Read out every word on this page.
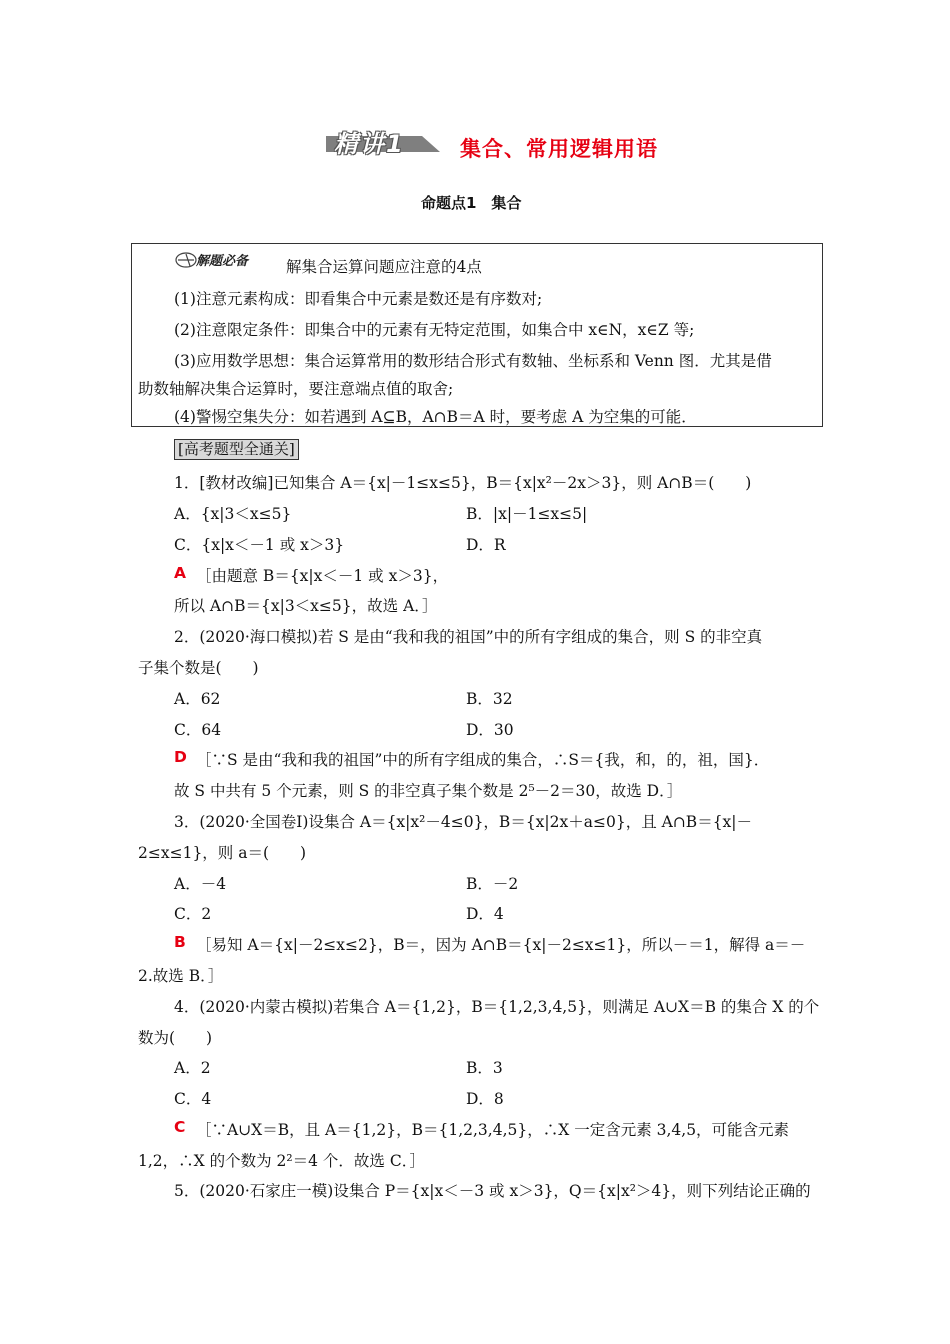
精讲1	集合、常用逻辑用语
命题点1　集合
解题必备 解集合运算问题应注意的4点
(1)注意元素构成：即看集合中元素是数还是有序数对;
(2)注意限定条件：即集合中的元素有无特定范围，如集合中 x∈N，x∈Z 等;
(3)应用数学思想：集合运算常用的数形结合形式有数轴、坐标系和 Venn 图．尤其是借
助数轴解决集合运算时，要注意端点值的取舍;
(4)警惕空集失分：如若遇到 A⊆B，A∩B＝A 时，要考虑 A 为空集的可能．
[高考题型全通关]
1．[教材改编]已知集合 A＝{x|－1≤x≤5}，B＝{x|x²－2x＞3}，则 A∩B＝(　　)
A．{x|3＜x≤5}	B．|x|－1≤x≤5|
C．{x|x＜－1 或 x＞3}	D．R
A ［由题意 B＝{x|x＜－1 或 x＞3}，
所以 A∩B＝{x|3＜x≤5}，故选 A．］
2．(2020·海口模拟)若 S 是由“我和我的祖国”中的所有字组成的集合，则 S 的非空真
子集个数是(　　)
A．62	B．32
C．64	D．30
D ［∵S 是由“我和我的祖国”中的所有字组成的集合，∴S＝{我，和，的，祖，国}．
故 S 中共有 5 个元素，则 S 的非空真子集个数是 2⁵－2＝30，故选 D．］
3．(2020·全国卷Ⅰ)设集合 A＝{x|x²－4≤0}，B＝{x|2x＋a≤0}，且 A∩B＝{x|－
2≤x≤1}，则 a＝(　　)
A．－4	B．－2
C．2	D．4
B ［易知 A＝{x|－2≤x≤2}，B＝，因为 A∩B＝{x|－2≤x≤1}，所以－＝1，解得 a＝－
2.故选 B．］
4．(2020·内蒙古模拟)若集合 A＝{1,2}，B＝{1,2,3,4,5}，则满足 A∪X＝B 的集合 X 的个
数为(　　)
A．2	B．3
C．4	D．8
C ［∵A∪X＝B，且 A＝{1,2}，B＝{1,2,3,4,5}，∴X 一定含元素 3,4,5，可能含元素
1,2，∴X 的个数为 2²＝4 个．故选 C．］
5．(2020·石家庄一模)设集合 P＝{x|x＜－3 或 x＞3}，Q＝{x|x²＞4}，则下列结论正确的
